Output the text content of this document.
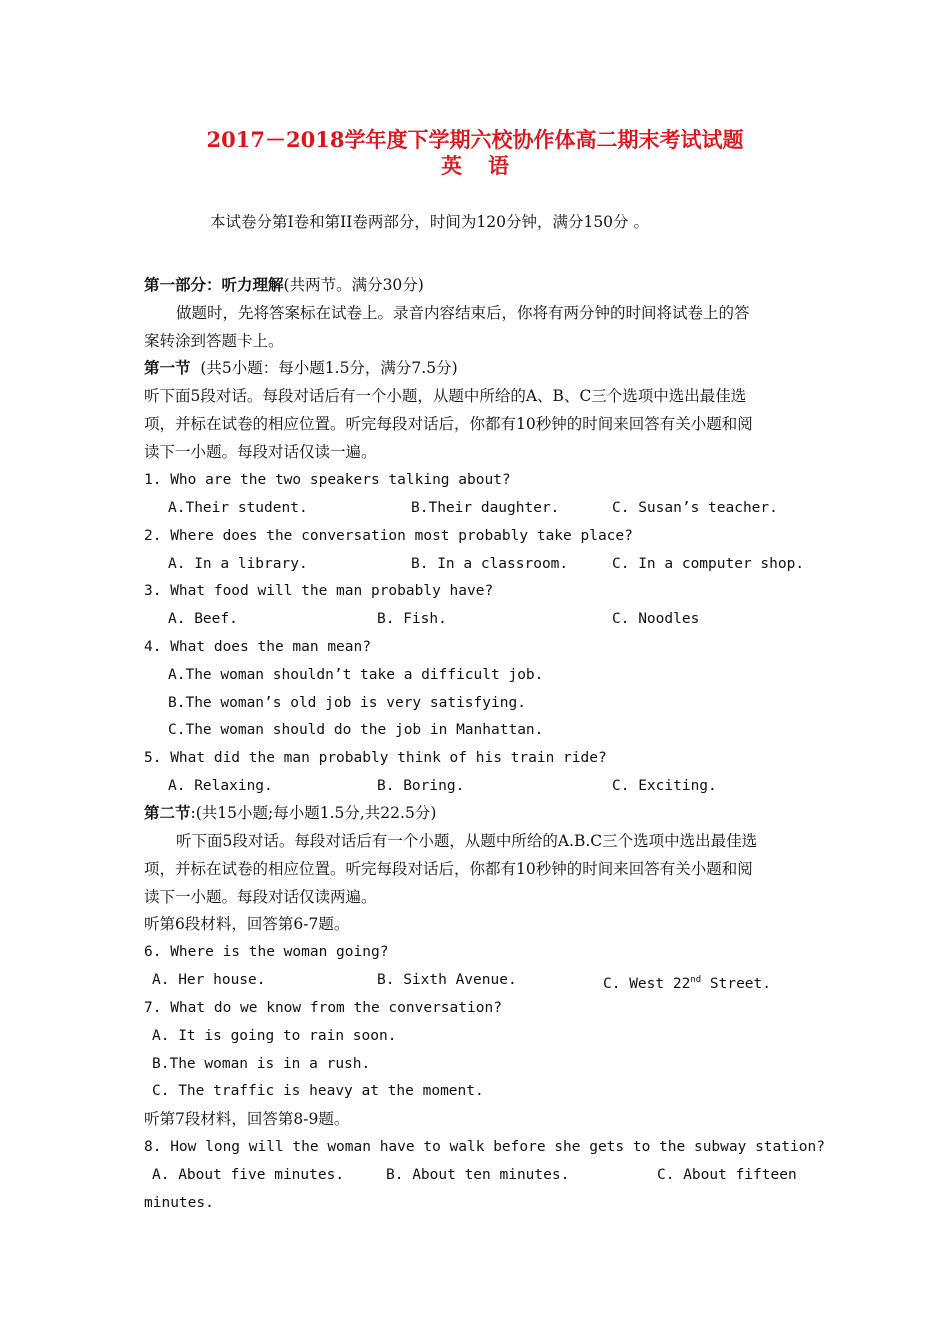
2017－2018学年度下学期六校协作体高二期末考试试题
英语
本试卷分第I卷和第II卷两部分，时间为120分钟，满分150分 。
第一部分：听力理解(共两节。满分30分)
做题时，先将答案标在试卷上。录音内容结束后，你将有两分钟的时间将试卷上的答
案转涂到答题卡上。
第一节 (共5小题：每小题1.5分，满分7.5分)
听下面5段对话。每段对话后有一个小题，从题中所给的A、B、C三个选项中选出最佳选
项，并标在试卷的相应位置。听完每段对话后，你都有10秒钟的时间来回答有关小题和阅
读下一小题。每段对话仅读一遍。
1. Who are the two speakers talking about?
A.Their student.	B.Their daughter.	C. Susan’s teacher.
2. Where does the conversation most probably take place?
A. In a library.	B. In a classroom.	C. In a computer shop.
3. What food will the man probably have?
A. Beef.	B. Fish.	C. Noodles
4. What does the man mean?
A.The woman shouldn’t take a difficult job.
B.The woman’s old job is very satisfying.
C.The woman should do the job in Manhattan.
5. What did the man probably think of his train ride?
A. Relaxing.	B. Boring.	C. Exciting.
第二节:(共15小题;每小题1.5分,共22.5分)
听下面5段对话。每段对话后有一个小题，从题中所给的A.B.C三个选项中选出最佳选
项，并标在试卷的相应位置。听完每段对话后，你都有10秒钟的时间来回答有关小题和阅
读下一小题。每段对话仅读两遍。
听第6段材料，回答第6-7题。
6. Where is the woman going?
A. Her house.	B. Sixth Avenue.	C. West 22nd Street.
7. What do we know from the conversation?
A. It is going to rain soon.
B.The woman is in a rush.
C. The traffic is heavy at the moment.
听第7段材料，回答第8-9题。
8. How long will the woman have to walk before she gets to the subway station?
A. About five minutes.	B. About ten minutes.	C. About fifteen
minutes.
